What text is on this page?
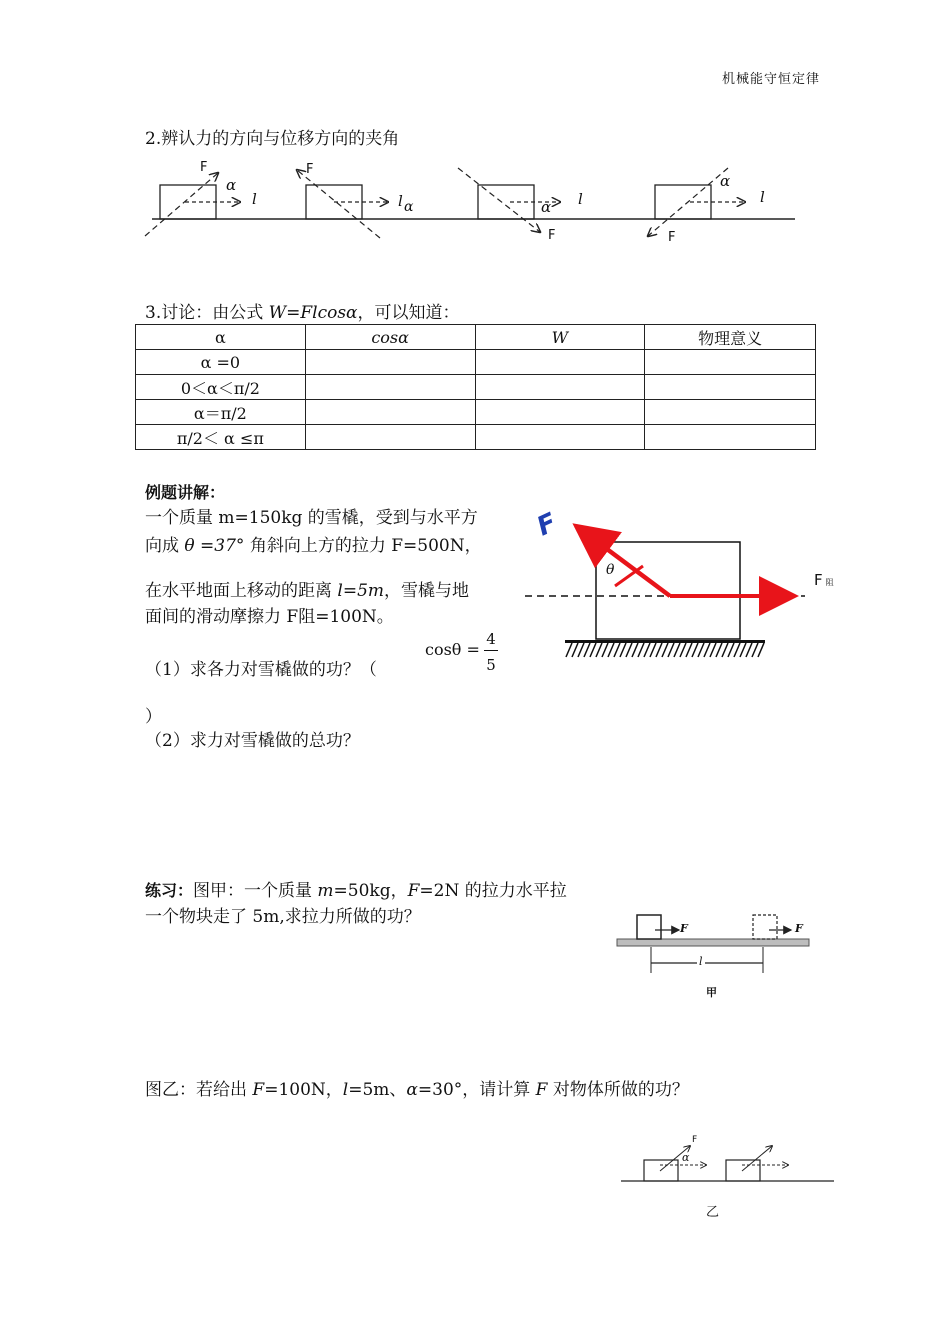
机械能守恒定律
2.辨认力的方向与位移方向的夹角
F
α
l
F
l α	α l
F
α
l
F
3.讨论：由公式 W=Flcosα，可以知道：
α	cosα	W	物理意义
α =0			
0＜α＜π/2			
α＝π/2			
π/2＜ α ≤π			
例题讲解：
一个质量 m=150kg 的雪橇，受到与水平方
向成 θ =37° 角斜向上方的拉力 F=500N，
在水平地面上移动的距离 l=5m，雪橇与地
面间的滑动摩擦力 F阻=100N。
（1）求各力对雪橇做的功？（
cosθ =
4
5
）
（2）求力对雪橇做的总功？
F
θ
F阻
练习：图甲：一个质量 m=50kg，F=2N 的拉力水平拉
一个物块走了 5m,求拉力所做的功？
F	F
l
甲
图乙：若给出 F=100N，l=5m、α=30°，请计算 F 对物体所做的功？
F
α
乙
